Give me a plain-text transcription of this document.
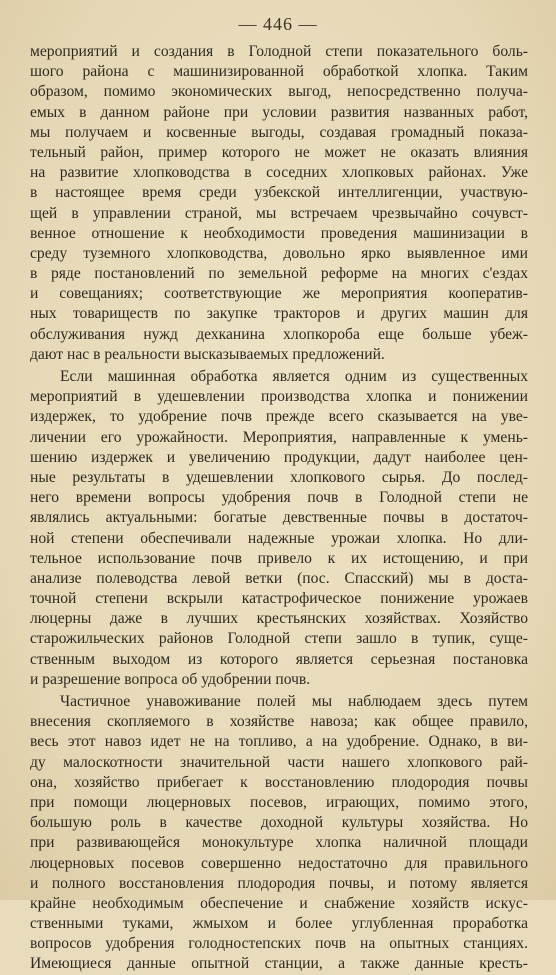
— 446 —
мероприятий и создания в Голодной степи показательного боль-
шого района с машинизированной обработкой хлопка. Таким
образом, помимо экономических выгод, непосредственно получа-
емых в данном районе при условии развития названных работ,
мы получаем и косвенные выгоды, создавая громадный показа-
тельный район, пример которого не может не оказать влияния
на развитие хлопководства в соседних хлопковых районах. Уже
в настоящее время среди узбекской интеллигенции, участвую-
щей в управлении страной, мы встречаем чрезвычайно сочувст-
венное отношение к необходимости проведения машинизации в
среду туземного хлопководства, довольно ярко выявленное ими
в ряде постановлений по земельной реформе на многих с'ездах
и совещаниях; соответствующие же мероприятия кооператив-
ных товариществ по закупке тракторов и других машин для
обслуживания нужд дехканина хлопкороба еще больше убеж-
дают нас в реальности высказываемых предложений.
Если машинная обработка является одним из существенных
мероприятий в удешевлении производства хлопка и понижении
издержек, то удобрение почв прежде всего сказывается на уве-
личении его урожайности. Мероприятия, направленные к умень-
шению издержек и увеличению продукции, дадут наиболее цен-
ные результаты в удешевлении хлопкового сырья. До послед-
него времени вопросы удобрения почв в Голодной степи не
являлись актуальными: богатые девственные почвы в достаточ-
ной степени обеспечивали надежные урожаи хлопка. Но дли-
тельное использование почв привело к их истощению, и при
анализе полеводства левой ветки (пос. Спасский) мы в доста-
точной степени вскрыли катастрофическое понижение урожаев
люцерны даже в лучших крестьянских хозяйствах. Хозяйство
старожильческих районов Голодной степи зашло в тупик, суще-
ственным выходом из которого является серьезная постановка
и разрешение вопроса об удобрении почв.
Частичное унавоживание полей мы наблюдаем здесь путем
внесения скопляемого в хозяйстве навоза; как общее правило,
весь этот навоз идет не на топливо, а на удобрение. Однако, в ви-
ду малоскотности значительной части нашего хлопкового рай-
она, хозяйство прибегает к восстановлению плодородия почвы
при помощи люцерновых посевов, играющих, помимо этого,
большую роль в качестве доходной культуры хозяйства. Но
при развивающейся монокультуре хлопка наличной площади
люцерновых посевов совершенно недостаточно для правильного
и полного восстановления плодородия почвы, и потому является
крайне необходимым обеспечение и снабжение хозяйств искус-
ственными туками, жмыхом и более углубленная проработка
вопросов удобрения голодностепских почв на опытных станциях.
Имеющиеся данные опытной станции, а также данные кресть-
